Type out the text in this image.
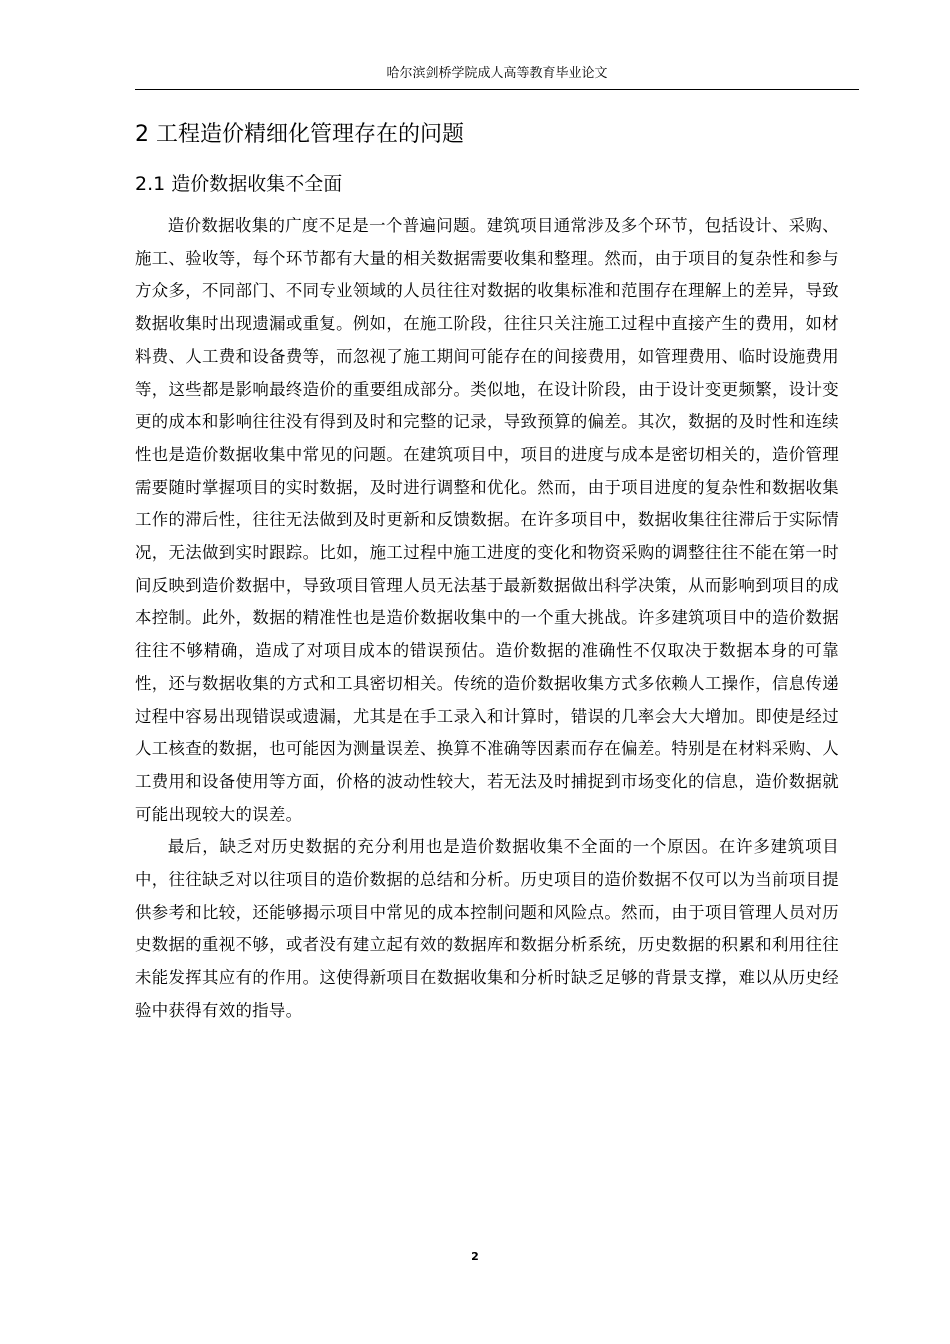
哈尔滨剑桥学院成人高等教育毕业论文
2 工程造价精细化管理存在的问题
2.1 造价数据收集不全面

造价数据收集的广度不足是一个普遍问题。建筑项目通常涉及多个环节，包括设计、采购、施工、验收等，每个环节都有大量的相关数据需要收集和整理。然而，由于项目的复杂性和参与方众多，不同部门、不同专业领域的人员往往对数据的收集标准和范围存在理解上的差异，导致数据收集时出现遗漏或重复。例如，在施工阶段，往往只关注施工过程中直接产生的费用，如材料费、人工费和设备费等，而忽视了施工期间可能存在的间接费用，如管理费用、临时设施费用等，这些都是影响最终造价的重要组成部分。类似地，在设计阶段，由于设计变更频繁，设计变更的成本和影响往往没有得到及时和完整的记录，导致预算的偏差。其次，数据的及时性和连续性也是造价数据收集中常见的问题。在建筑项目中，项目的进度与成本是密切相关的，造价管理需要随时掌握项目的实时数据，及时进行调整和优化。然而，由于项目进度的复杂性和数据收集工作的滞后性，往往无法做到及时更新和反馈数据。在许多项目中，数据收集往往滞后于实际情况，无法做到实时跟踪。比如，施工过程中施工进度的变化和物资采购的调整往往不能在第一时间反映到造价数据中，导致项目管理人员无法基于最新数据做出科学决策，从而影响到项目的成本控制。此外，数据的精准性也是造价数据收集中的一个重大挑战。许多建筑项目中的造价数据往往不够精确，造成了对项目成本的错误预估。造价数据的准确性不仅取决于数据本身的可靠性，还与数据收集的方式和工具密切相关。传统的造价数据收集方式多依赖人工操作，信息传递过程中容易出现错误或遗漏，尤其是在手工录入和计算时，错误的几率会大大增加。即使是经过人工核查的数据，也可能因为测量误差、换算不准确等因素而存在偏差。特别是在材料采购、人工费用和设备使用等方面，价格的波动性较大，若无法及时捕捉到市场变化的信息，造价数据就可能出现较大的误差。

最后，缺乏对历史数据的充分利用也是造价数据收集不全面的一个原因。在许多建筑项目中，往往缺乏对以往项目的造价数据的总结和分析。历史项目的造价数据不仅可以为当前项目提供参考和比较，还能够揭示项目中常见的成本控制问题和风险点。然而，由于项目管理人员对历史数据的重视不够，或者没有建立起有效的数据库和数据分析系统，历史数据的积累和利用往往未能发挥其应有的作用。这使得新项目在数据收集和分析时缺乏足够的背景支撑，难以从历史经验中获得有效的指导。

2
